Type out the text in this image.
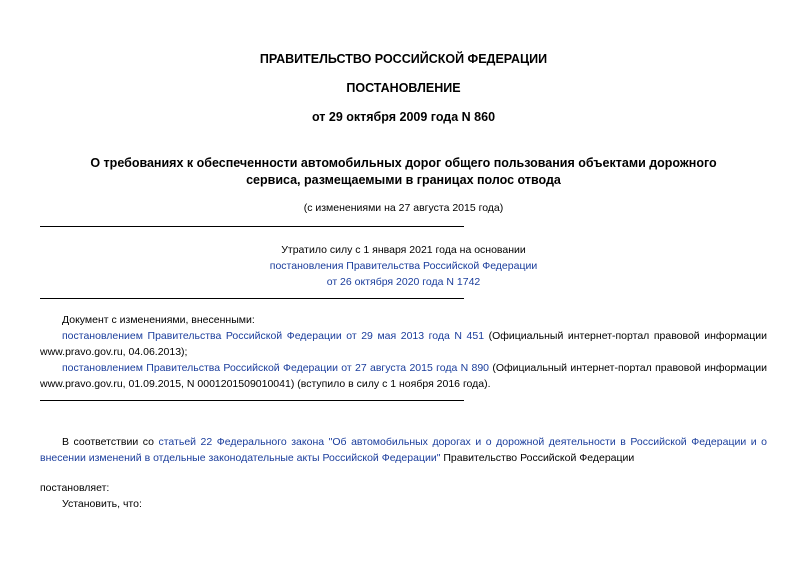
ПРАВИТЕЛЬСТВО РОССИЙСКОЙ ФЕДЕРАЦИИ
ПОСТАНОВЛЕНИЕ
от 29 октября 2009 года N 860
О требованиях к обеспеченности автомобильных дорог общего пользования объектами дорожного
сервиса, размещаемыми в границах полос отвода
(с изменениями на 27 августа 2015 года)
Утратило силу с 1 января 2021 года на основании
постановления Правительства Российской Федерации
от 26 октября 2020 года N 1742
Документ с изменениями, внесенными:
постановлением Правительства Российской Федерации от 29 мая 2013 года N 451 (Официальный интернет-портал правовой информации www.pravo.gov.ru, 04.06.2013);
постановлением Правительства Российской Федерации от 27 августа 2015 года N 890 (Официальный интернет-портал правовой информации www.pravo.gov.ru, 01.09.2015, N 0001201509010041) (вступило в силу с 1 ноября 2016 года).
В соответствии со статьей 22 Федерального закона "Об автомобильных дорогах и о дорожной деятельности в Российской Федерации и о внесении изменений в отдельные законодательные акты Российской Федерации" Правительство Российской Федерации
постановляет:
Установить, что:
